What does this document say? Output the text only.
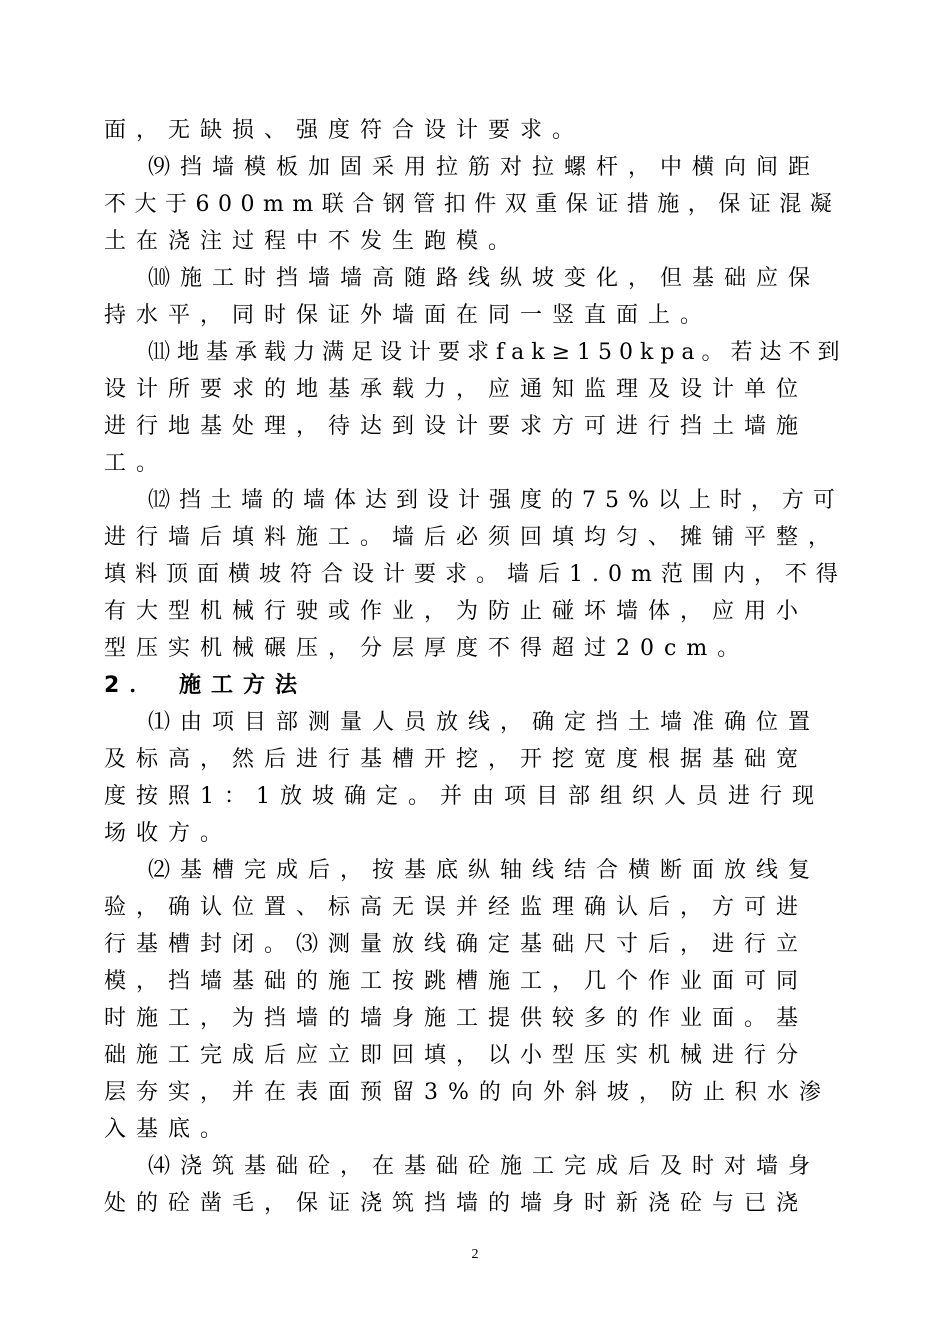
面，无缺损、强度符合设计要求。
⑼挡墙模板加固采用拉筋对拉螺杆，中横向间距
不大于600mm联合钢管扣件双重保证措施，保证混凝
土在浇注过程中不发生跑模。
⑽施工时挡墙墙高随路线纵坡变化，但基础应保
持水平，同时保证外墙面在同一竖直面上。
⑾地基承载力满足设计要求fak≥150kpa。若达不到
设计所要求的地基承载力，应通知监理及设计单位
进行地基处理，待达到设计要求方可进行挡土墙施
工。
⑿挡土墙的墙体达到设计强度的75%以上时，方可
进行墙后填料施工。墙后必须回填均匀、摊铺平整，
填料顶面横坡符合设计要求。墙后1.0m范围内，不得
有大型机械行驶或作业，为防止碰坏墙体，应用小
型压实机械碾压，分层厚度不得超过20cm。
2． 施工方法
⑴由项目部测量人员放线，确定挡土墙准确位置
及标高，然后进行基槽开挖，开挖宽度根据基础宽
度按照1：1放坡确定。并由项目部组织人员进行现
场收方。
⑵基槽完成后，按基底纵轴线结合横断面放线复
验，确认位置、标高无误并经监理确认后，方可进
行基槽封闭。⑶测量放线确定基础尺寸后，进行立
模，挡墙基础的施工按跳槽施工，几个作业面可同
时施工，为挡墙的墙身施工提供较多的作业面。基
础施工完成后应立即回填，以小型压实机械进行分
层夯实，并在表面预留3%的向外斜坡，防止积水渗
入基底。
⑷浇筑基础砼，在基础砼施工完成后及时对墙身
处的砼凿毛，保证浇筑挡墙的墙身时新浇砼与已浇
2
